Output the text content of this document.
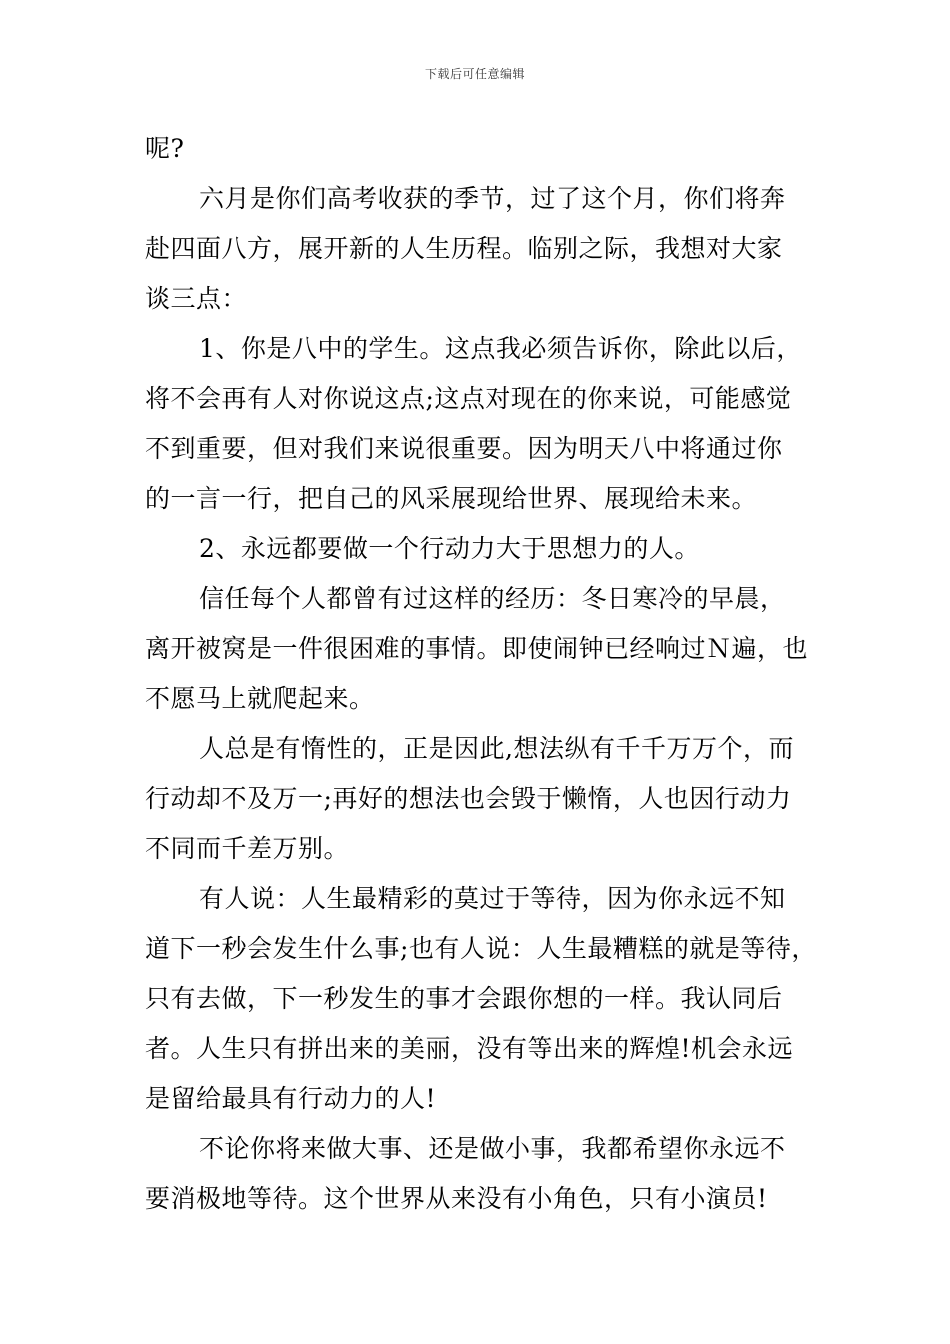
下载后可任意编辑
呢?
六月是你们高考收获的季节，过了这个月，你们将奔
赴四面八方，展开新的人生历程。临别之际，我想对大家
谈三点：
1、你是八中的学生。这点我必须告诉你，除此以后，
将不会再有人对你说这点;这点对现在的你来说，可能感觉
不到重要，但对我们来说很重要。因为明天八中将通过你
的一言一行，把自己的风采展现给世界、展现给未来。
2、永远都要做一个行动力大于思想力的人。
信任每个人都曾有过这样的经历：冬日寒冷的早晨，
离开被窝是一件很困难的事情。即使闹钟已经响过Ｎ遍，也
不愿马上就爬起来。
人总是有惰性的，正是因此,想法纵有千千万万个，而
行动却不及万一;再好的想法也会毁于懒惰，人也因行动力
不同而千差万别。
有人说：人生最精彩的莫过于等待，因为你永远不知
道下一秒会发生什么事;也有人说：人生最糟糕的就是等待，
只有去做，下一秒发生的事才会跟你想的一样。我认同后
者。人生只有拼出来的美丽，没有等出来的辉煌!机会永远
是留给最具有行动力的人!
不论你将来做大事、还是做小事，我都希望你永远不
要消极地等待。这个世界从来没有小角色，只有小演员!
